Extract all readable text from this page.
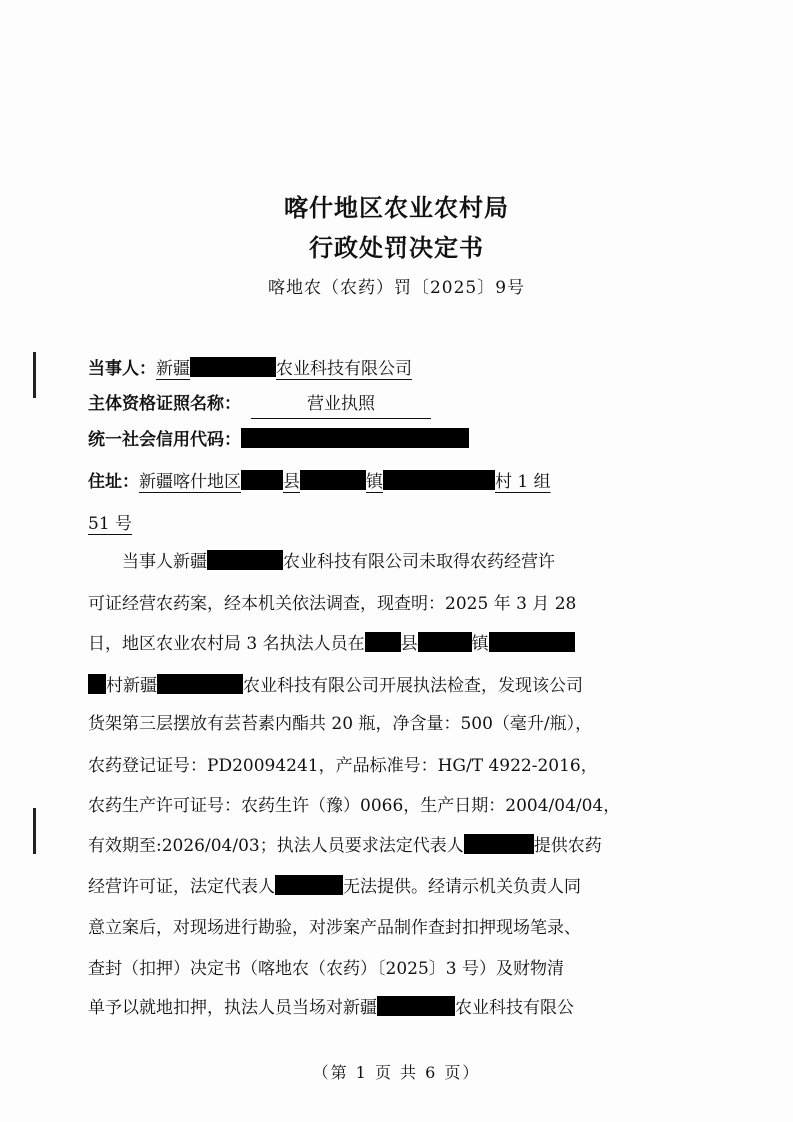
喀什地区农业农村局
行政处罚决定书
喀地农（农药）罚〔2025〕9号
当事人：新疆	农业科技有限公司
主体资格证照名称：	营业执照
统一社会信用代码：
住址：新疆喀什地区 县	镇	村 1 组
51 号
当事人新疆	农业科技有限公司未取得农药经营许
可证经营农药案，经本机关依法调查，现查明：2025 年 3 月 28
日，地区农业农村局 3 名执法人员在 县	镇
村新疆	农业科技有限公司开展执法检查，发现该公司
货架第三层摆放有芸苔素内酯共 20 瓶，净含量：500（毫升/瓶），
农药登记证号：PD20094241，产品标准号：HG/T 4922-2016，
农药生产许可证号：农药生许（豫）0066，生产日期：2004/04/04，
有效期至:2026/04/03；执法人员要求法定代表人	提供农药
经营许可证，法定代表人	无法提供。经请示机关负责人同
意立案后，对现场进行勘验，对涉案产品制作查封扣押现场笔录、
查封（扣押）决定书（喀地农（农药）〔2025〕3 号）及财物清
单予以就地扣押，执法人员当场对新疆	农业科技有限公
（第 1 页 共 6 页）
